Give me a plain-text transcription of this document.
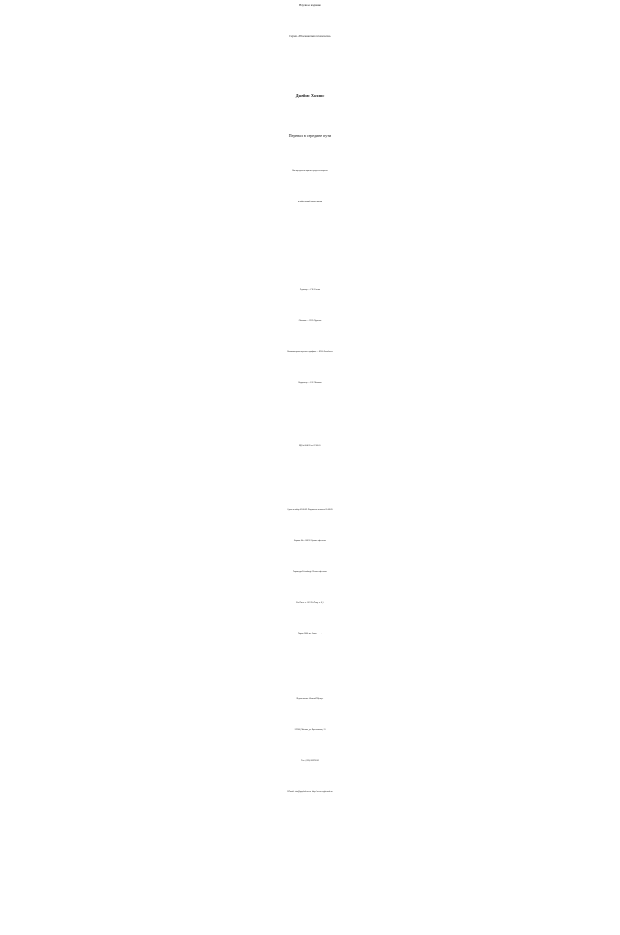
Научное издание
Серия «Юнгианская психология»
Джеймс Холлис
Перевал в середине пути
Как преодолеть кризис среднего возраста
и найти новый смысл жизни
Редактор — Г.В. Ежова
Обложка — П.П. Ефремов
Компьютерная верстка и графика — Ю.В. Балабанов
Корректор — Е.Е. Мокеева
ИД № 064615 от 07.06.01.
Сдано в набор 03.08.09. Подписано в печать 05.08.09.
Формат 84 х 108/32. Бумага офсетная.
Гарнитура Petersburgt. Печать офсетная.
Усл.Ӧпеч. л. 10.9 Уч.Ӧизд. л. 8,1.
Тираж 2000 экз. Заказ          .
Издательство «КогитоӦЦентр»
129366, Москва, ул. Ярославская, 13
Тел.: (095) 682Ӧ6102
EӦmail: visu@psychol.ras.ru  http://www.cogito.msk.ru
